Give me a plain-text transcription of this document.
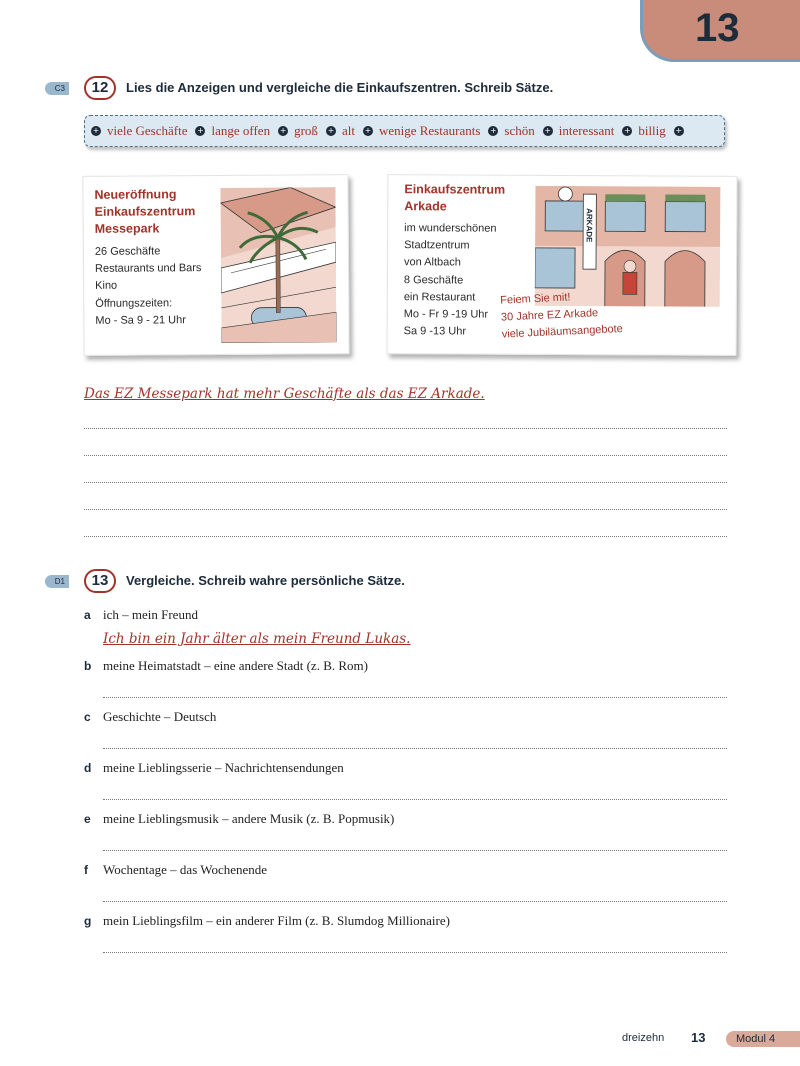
13
C3	12	Lies die Anzeigen und vergleiche die Einkaufszentren. Schreib Sätze.
+ viele Geschäfte + lange offen + groß + alt + wenige Restaurants + schön + interessant + billig +
Neueröffnung
Einkaufszentrum
Messepark
26 Geschäfte
Restaurants und Bars
Kino
Öffnungszeiten:
Mo - Sa 9 - 21 Uhr
Einkaufszentrum
Arkade
im wunderschönen
Stadtzentrum
von Altbach
8 Geschäfte
ein Restaurant
Mo - Fr 9 -19 Uhr
Sa 9 -13 Uhr
ARKADE
Feiem Sie mit!
30 Jahre EZ Arkade
viele Jubiläumsangebote
Das EZ Messepark hat mehr Geschäfte als das EZ Arkade.
D1	13	Vergleiche. Schreib wahre persönliche Sätze.
a ich – mein Freund
Ich bin ein Jahr älter als mein Freund Lukas.
b meine Heimatstadt – eine andere Stadt (z. B. Rom)
c Geschichte – Deutsch
d meine Lieblingsserie – Nachrichtensendungen
e meine Lieblingsmusik – andere Musik (z. B. Popmusik)
f Wochentage – das Wochenende
g mein Lieblingsfilm – ein anderer Film (z. B. Slumdog Millionaire)
dreizehn 13	Modul 4
